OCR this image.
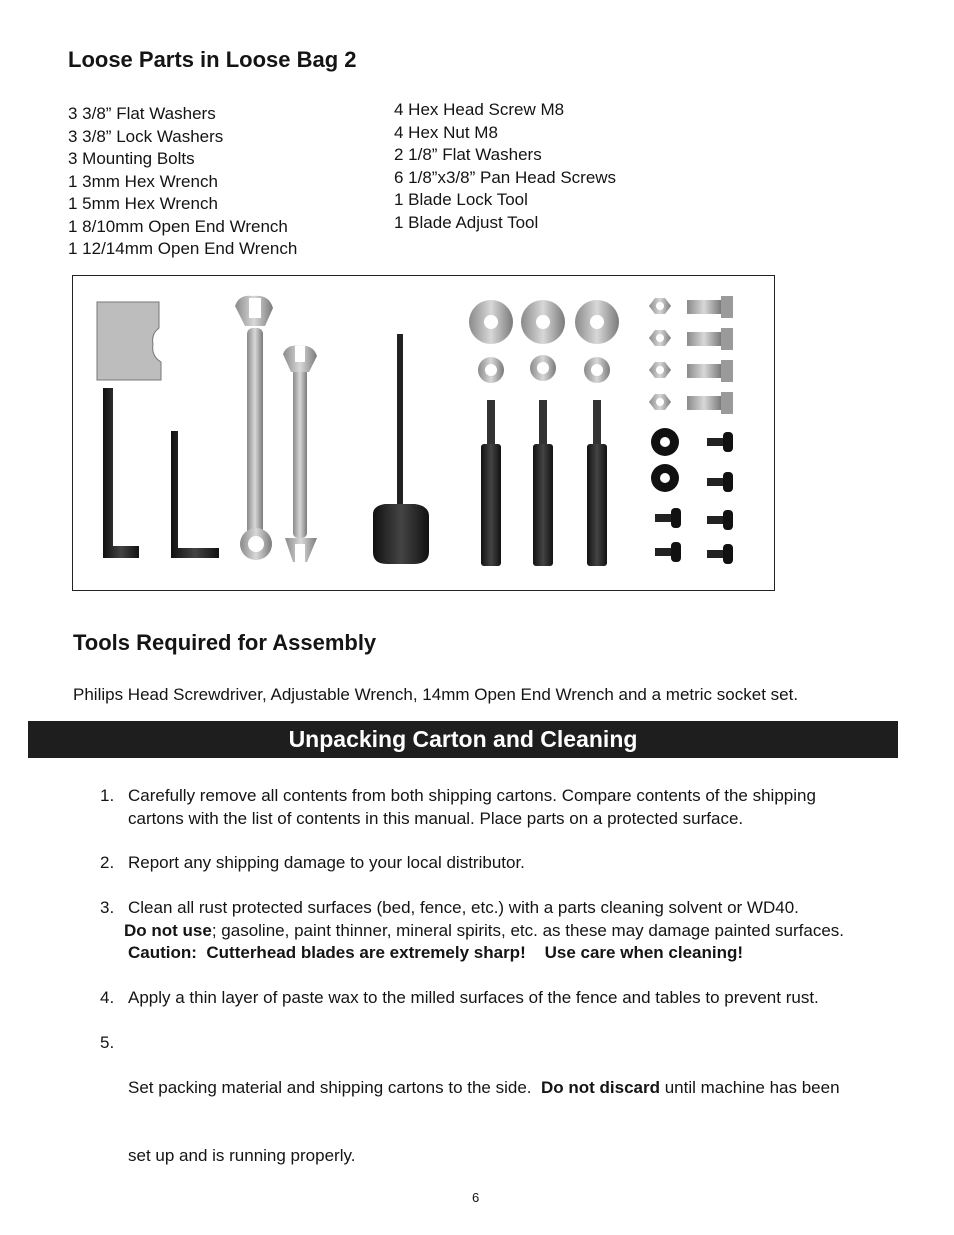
Loose Parts in Loose Bag 2
3 3/8” Flat Washers
3 3/8” Lock Washers
3 Mounting Bolts
1 3mm Hex Wrench
1 5mm Hex Wrench
1 8/10mm Open End Wrench
1 12/14mm Open End Wrench
4 Hex Head Screw M8
4 Hex Nut M8
2 1/8” Flat Washers
6 1/8”x3/8” Pan Head Screws
1 Blade Lock Tool
1 Blade Adjust Tool
Tools Required for Assembly
Philips Head Screwdriver, Adjustable Wrench, 14mm Open End Wrench and a metric socket set.
Unpacking Carton and Cleaning
1. Carefully remove all contents from both shipping cartons. Compare contents of the shipping
cartons with the list of contents in this manual. Place parts on a protected surface.
2. Report any shipping damage to your local distributor.
3. Clean all rust protected surfaces (bed, fence, etc.) with a parts cleaning solvent or WD40.
Do not use; gasoline, paint thinner, mineral spirits, etc. as these may damage painted surfaces.
Caution:  Cutterhead blades are extremely sharp!    Use care when cleaning!
4. Apply a thin layer of paste wax to the milled surfaces of the fence and tables to prevent rust.
5.

Set packing material and shipping cartons to the side.  Do not discard until machine has been

set up and is running properly.

6
